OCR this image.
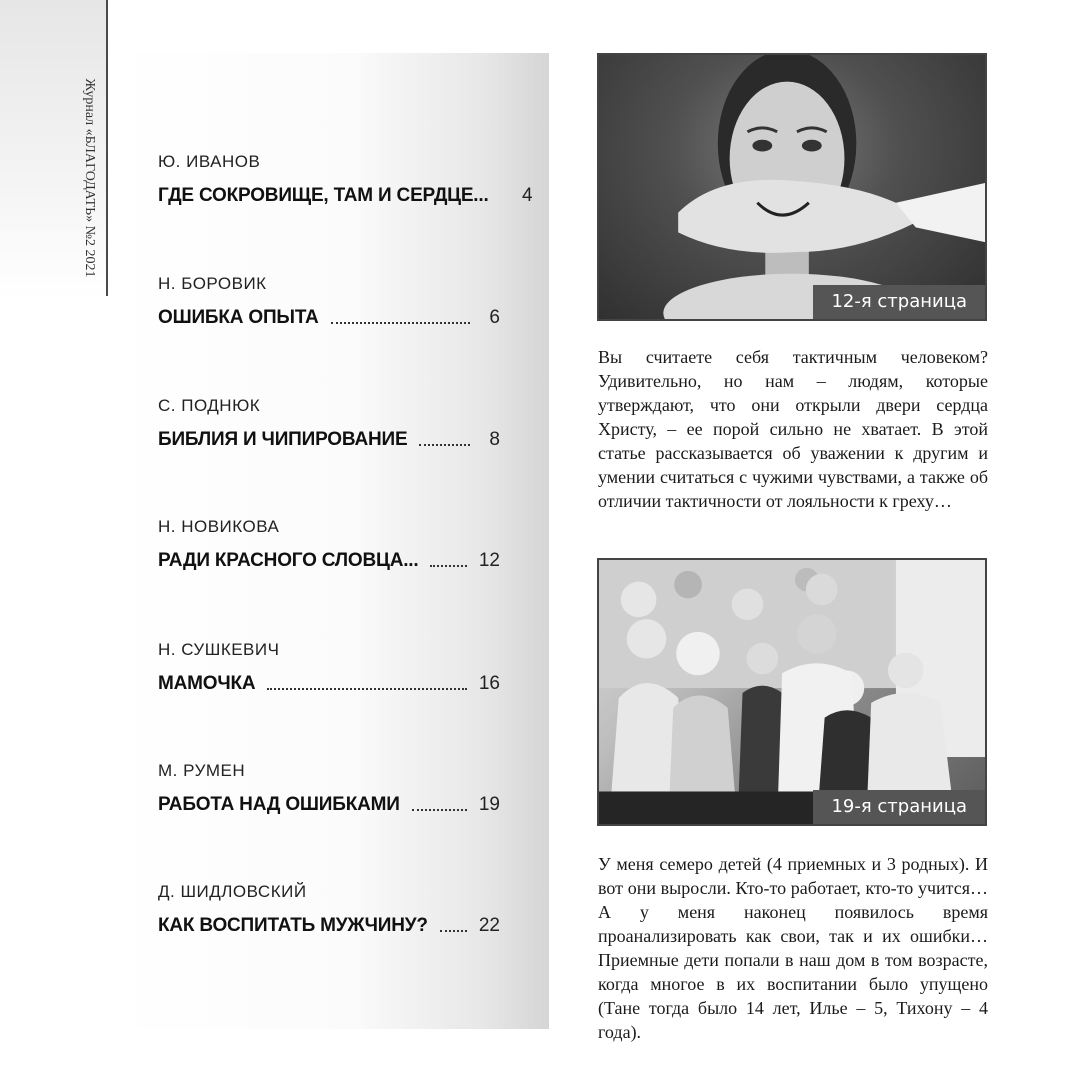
Журнал «БЛАГОДАТЬ» №2 2021	Ю. ИВАНОВ
ГДЕ СОКРОВИЩЕ, ТАМ И СЕРДЦЕ...	4
Н. БОРОВИК
ОШИБКА ОПЫТА	6
С. ПОДНЮК
БИБЛИЯ И ЧИПИРОВАНИЕ	8
Н. НОВИКОВА
РАДИ КРАСНОГО СЛОВЦА...	12
Н. СУШКЕВИЧ
МАМОЧКА	16
М. РУМЕН
РАБОТА НАД ОШИБКАМИ	19
Д. ШИДЛОВСКИЙ
КАК ВОСПИТАТЬ МУЖЧИНУ?	22
12-я страница

Вы считаете себя тактичным человеком? Удивительно, но нам – людям, которые утверждают, что они открыли двери сердца Христу, – ее порой сильно не хватает. В этой статье рассказывается об уважении к другим и умении считаться с чужими чувствами, а также об отличии тактичности от лояльности к греху…

19-я страница

У меня семеро детей (4 приемных и 3 родных). И вот они выросли. Кто-то работает, кто-то учится… А у меня наконец появилось время проанализировать как свои, так и их ошибки… Приемные дети попали в наш дом в том возрасте, когда многое в их воспитании было упущено (Тане тогда было 14 лет, Илье – 5, Тихону – 4 года).
